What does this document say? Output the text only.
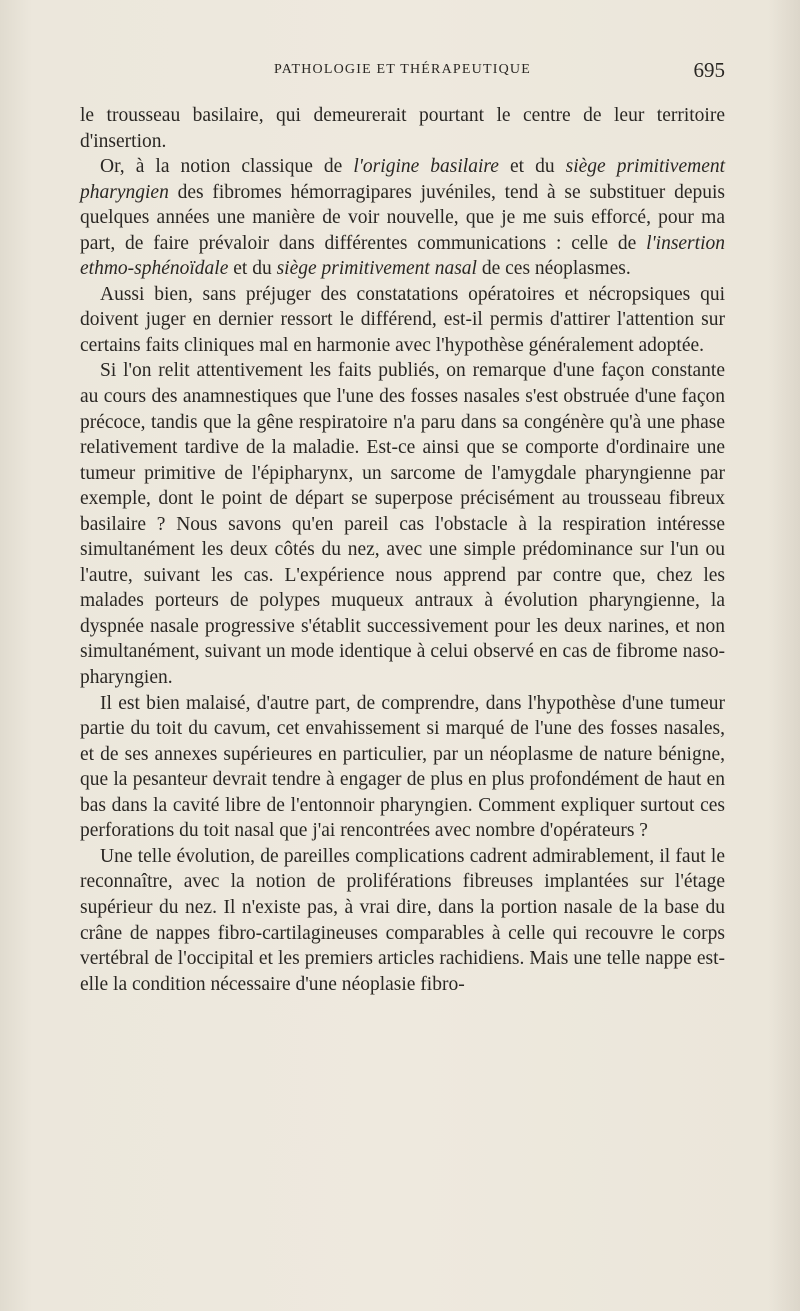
PATHOLOGIE ET THÉRAPEUTIQUE	695

le trousseau basilaire, qui demeurerait pourtant le centre de leur territoire d'insertion.

Or, à la notion classique de l'origine basilaire et du siège primitivement pharyngien des fibromes hémorragipares juvéniles, tend à se substituer depuis quelques années une manière de voir nouvelle, que je me suis efforcé, pour ma part, de faire prévaloir dans différentes communications : celle de l'insertion ethmo-sphénoïdale et du siège primitivement nasal de ces néoplasmes.

Aussi bien, sans préjuger des constatations opératoires et nécropsiques qui doivent juger en dernier ressort le différend, est-il permis d'attirer l'attention sur certains faits cliniques mal en harmonie avec l'hypothèse généralement adoptée.

Si l'on relit attentivement les faits publiés, on remarque d'une façon constante au cours des anamnestiques que l'une des fosses nasales s'est obstruée d'une façon précoce, tandis que la gêne respiratoire n'a paru dans sa congénère qu'à une phase relativement tardive de la maladie. Est-ce ainsi que se comporte d'ordinaire une tumeur primitive de l'épipharynx, un sarcome de l'amygdale pharyngienne par exemple, dont le point de départ se superpose précisément au trousseau fibreux basilaire ? Nous savons qu'en pareil cas l'obstacle à la respiration intéresse simultanément les deux côtés du nez, avec une simple prédominance sur l'un ou l'autre, suivant les cas. L'expérience nous apprend par contre que, chez les malades porteurs de polypes muqueux antraux à évolution pharyngienne, la dyspnée nasale progressive s'établit successivement pour les deux narines, et non simultanément, suivant un mode identique à celui observé en cas de fibrome naso-pharyngien.

Il est bien malaisé, d'autre part, de comprendre, dans l'hypothèse d'une tumeur partie du toit du cavum, cet envahissement si marqué de l'une des fosses nasales, et de ses annexes supérieures en particulier, par un néoplasme de nature bénigne, que la pesanteur devrait tendre à engager de plus en plus profondément de haut en bas dans la cavité libre de l'entonnoir pharyngien. Comment expliquer surtout ces perforations du toit nasal que j'ai rencontrées avec nombre d'opérateurs ?

Une telle évolution, de pareilles complications cadrent admirablement, il faut le reconnaître, avec la notion de proliférations fibreuses implantées sur l'étage supérieur du nez. Il n'existe pas, à vrai dire, dans la portion nasale de la base du crâne de nappes fibro-cartilagineuses comparables à celle qui recouvre le corps vertébral de l'occipital et les premiers articles rachidiens. Mais une telle nappe est-elle la condition nécessaire d'une néoplasie fibro-
